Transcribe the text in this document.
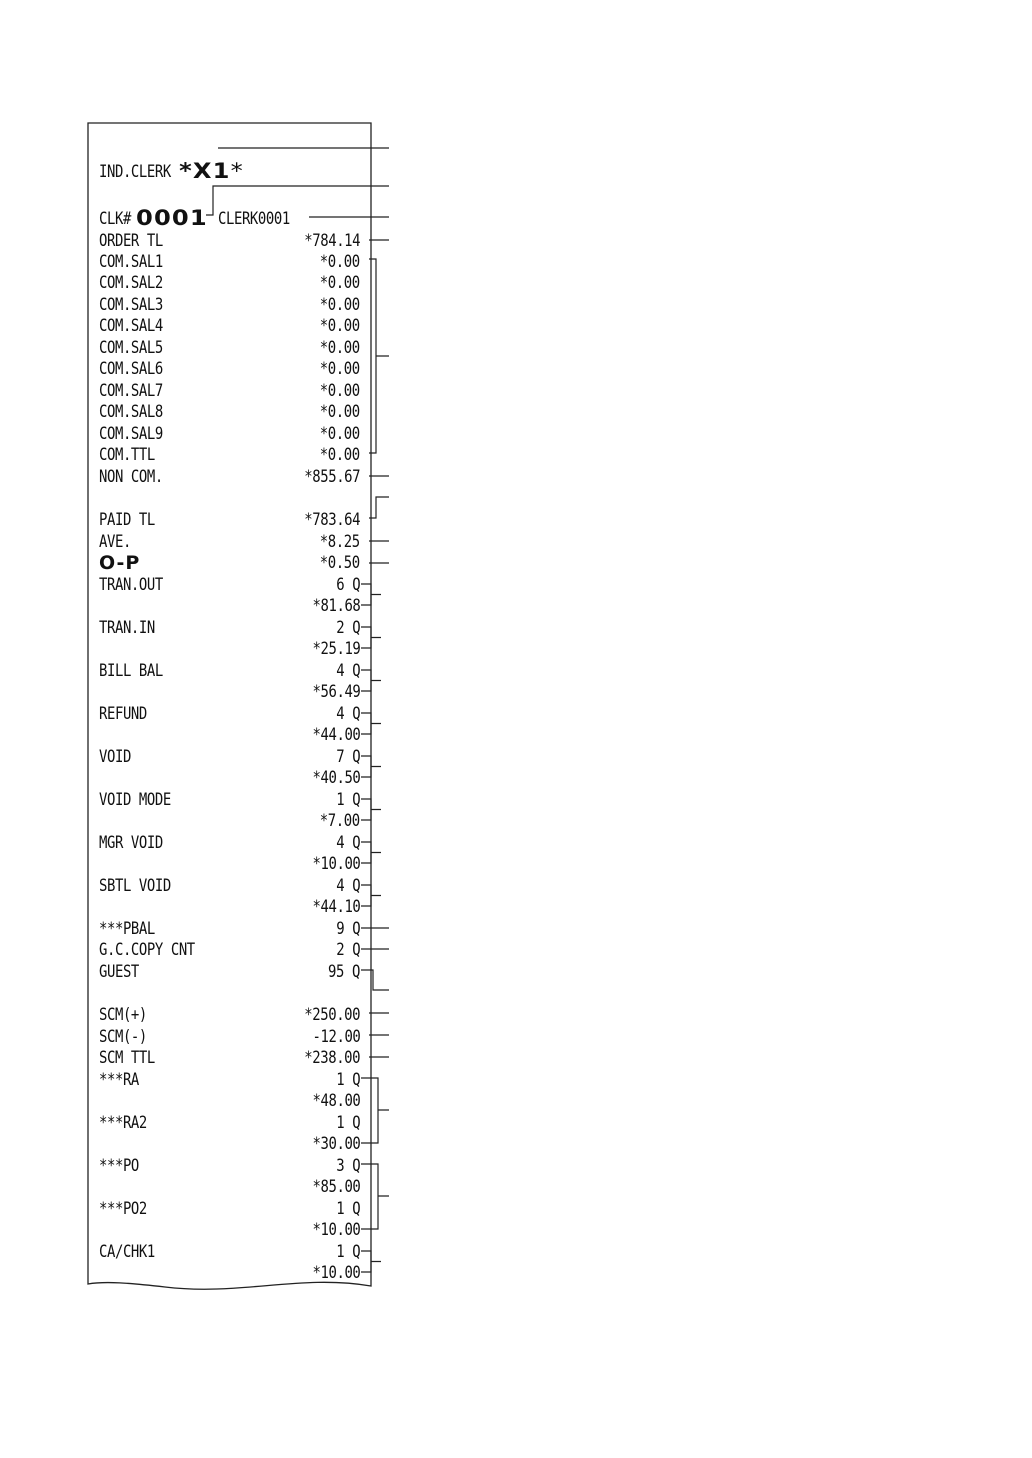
*X1*

IND.CLERK
CLK# 0001 CLERK0001
ORDER TL	*784.14
COM.SAL1	*0.00
COM.SAL2	*0.00
COM.SAL3	*0.00
COM.SAL4	*0.00
COM.SAL5	*0.00
COM.SAL6	*0.00
COM.SAL7	*0.00
COM.SAL8	*0.00
COM.SAL9	*0.00
COM.TTL	*0.00
NON COM.	*855.67
PAID TL	*783.64
AVE.	*8.25
O-P	*0.50
TRAN.OUT	6 Q
*81.68
TRAN.IN	2 Q
*25.19
BILL BAL	4 Q
*56.49
REFUND	4 Q
*44.00
VOID	7 Q
*40.50
VOID MODE	1 Q
*7.00
MGR VOID	4 Q
*10.00
SBTL VOID	4 Q
*44.10
***PBAL	9 Q
G.C.COPY CNT	2 Q
GUEST	95 Q
SCM(+)	*250.00
SCM(-)	-12.00
SCM TTL	*238.00
***RA	1 Q
*48.00
***RA2	1 Q
*30.00
***PO	3 Q
*85.00
***PO2	1 Q
*10.00
CA/CHK1	1 Q
*10.00
